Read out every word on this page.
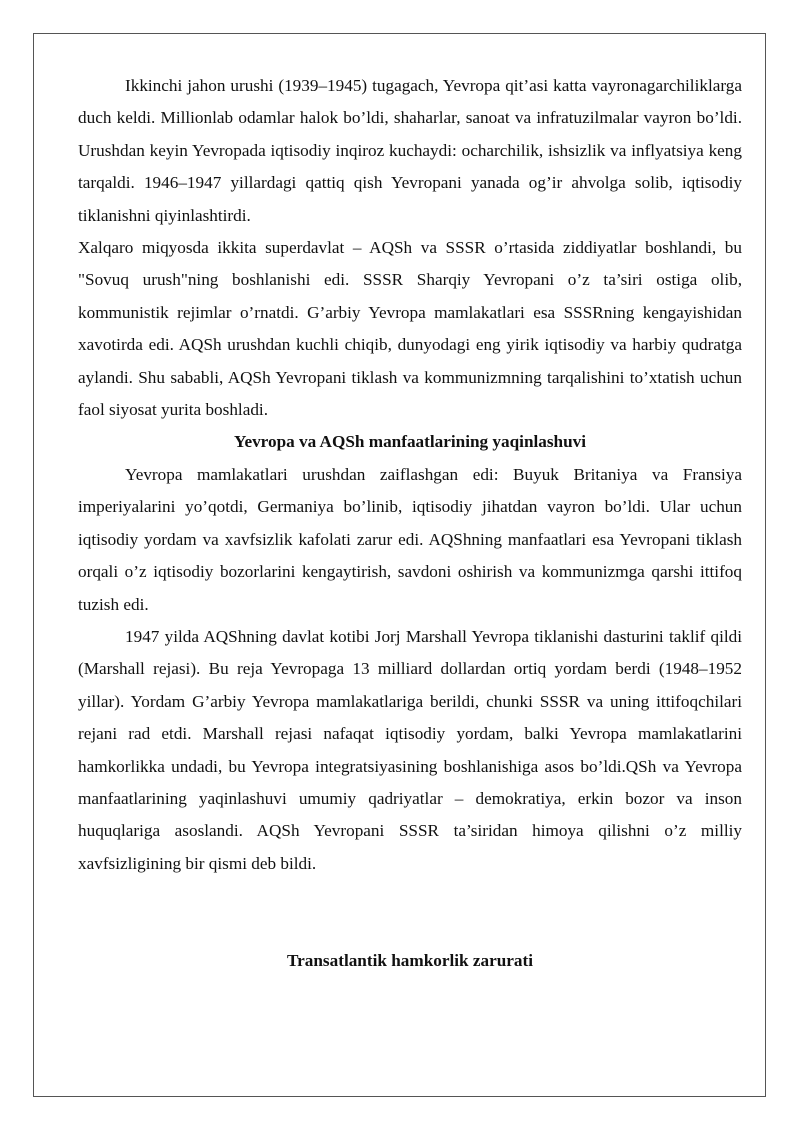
Ikkinchi jahon urushi (1939–1945) tugagach, Yevropa qit’asi katta vayronagarchiliklarga duch keldi. Millionlab odamlar halok bo’ldi, shaharlar, sanoat va infratuzilmalar vayron bo’ldi. Urushdan keyin Yevropada iqtisodiy inqiroz kuchaydi: ocharchilik, ishsizlik va inflyatsiya keng tarqaldi. 1946–1947 yillardagi qattiq qish Yevropani yanada og’ir ahvolga solib, iqtisodiy tiklanishni qiyinlashtirdi.

Xalqaro miqyosda ikkita superdavlat – AQSh va SSSR o’rtasida ziddiyatlar boshlandi, bu "Sovuq urush"ning boshlanishi edi. SSSR Sharqiy Yevropani o’z ta’siri ostiga olib, kommunistik rejimlar o’rnatdi. G’arbiy Yevropa mamlakatlari esa SSSRning kengayishidan xavotirda edi. AQSh urushdan kuchli chiqib, dunyodagi eng yirik iqtisodiy va harbiy qudratga aylandi. Shu sababli, AQSh Yevropani tiklash va kommunizmning tarqalishini to’xtatish uchun faol siyosat yurita boshladi.

Yevropa va AQSh manfaatlarining yaqinlashuvi

Yevropa mamlakatlari urushdan zaiflashgan edi: Buyuk Britaniya va Fransiya imperiyalarini yo’qotdi, Germaniya bo’linib, iqtisodiy jihatdan vayron bo’ldi. Ular uchun iqtisodiy yordam va xavfsizlik kafolati zarur edi. AQShning manfaatlari esa Yevropani tiklash orqali o’z iqtisodiy bozorlarini kengaytirish, savdoni oshirish va kommunizmga qarshi ittifoq tuzish edi.

1947 yilda AQShning davlat kotibi Jorj Marshall Yevropa tiklanishi dasturini taklif qildi (Marshall rejasi). Bu reja Yevropaga 13 milliard dollardan ortiq yordam berdi (1948–1952 yillar). Yordam G’arbiy Yevropa mamlakatlariga berildi, chunki SSSR va uning ittifoqchilari rejani rad etdi. Marshall rejasi nafaqat iqtisodiy yordam, balki Yevropa mamlakatlarini hamkorlikka undadi, bu Yevropa integratsiyasining boshlanishiga asos bo’ldi.QSh va Yevropa manfaatlarining yaqinlashuvi umumiy qadriyatlar – demokratiya, erkin bozor va inson huquqlariga asoslandi. AQSh Yevropani SSSR ta’siridan himoya qilishni o’z milliy xavfsizligining bir qismi deb bildi.

Transatlantik hamkorlik zarurati
